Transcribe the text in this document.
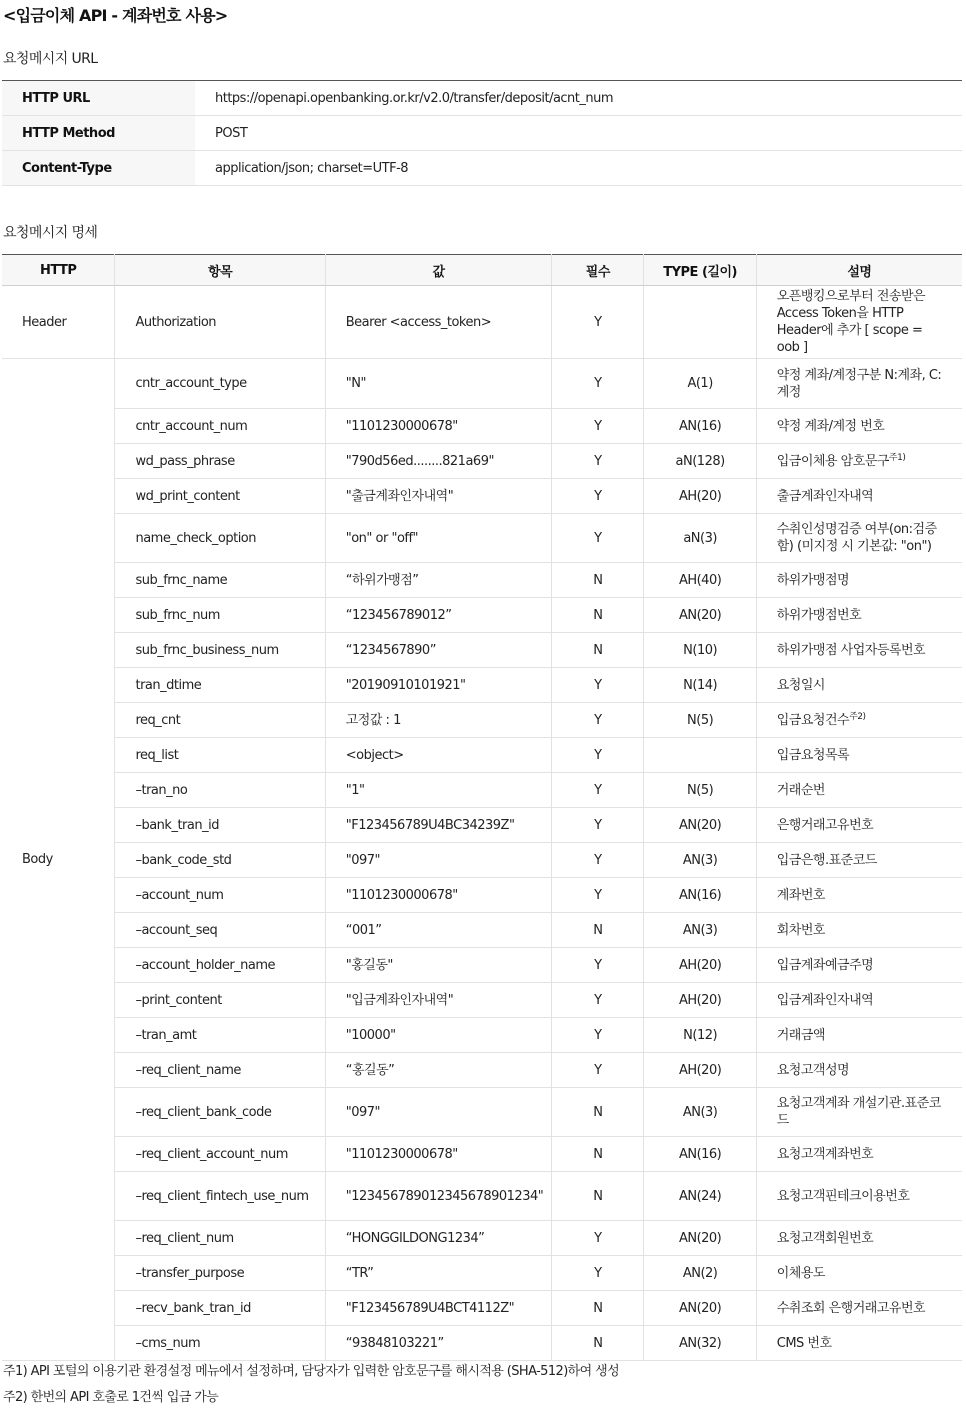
<입금이체 API - 계좌번호 사용>
요청메시지 URL
HTTP URL	https://openapi.openbanking.or.kr/v2.0/transfer/deposit/acnt_num
HTTP Method	POST
Content-Type	application/json; charset=UTF-8
요청메시지 명세
HTTP	항목	값	필수	TYPE (길이)	설명
Header	Authorization	Bearer <access_token>	Y		오픈뱅킹으로부터 전송받은 Access Token을 HTTP Header에 추가 [ scope = oob ]
Body	cntr_account_type	"N"	Y	A(1)	약정 계좌/계정구분 N:계좌, C:계정
	cntr_account_num	"1101230000678"	Y	AN(16)	약정 계좌/계정 번호
	wd_pass_phrase	"790d56ed........821a69"	Y	aN(128)	입금이체용 암호문구$^{주1)}$
	wd_print_content	"출금계좌인자내역"	Y	AH(20)	출금계좌인자내역
	name_check_option	"on" or "off"	Y	aN(3)	수취인성명검증 여부(on:검증함) (미지정 시 기본값: "on")
	sub_frnc_name	“하위가맹점”	N	AH(40)	하위가맹점명
	sub_frnc_num	“123456789012”	N	AN(20)	하위가맹점번호
	sub_frnc_business_num	“1234567890”	N	N(10)	하위가맹점 사업자등록번호
	tran_dtime	"20190910101921"	Y	N(14)	요청일시
	req_cnt	고정값 : 1	Y	N(5)	입금요청건수$^{주2)}$
	req_list	<object>	Y		입금요청목록
	–tran_no	"1"	Y	N(5)	거래순번
	–bank_tran_id	"F123456789U4BC34239Z"	Y	AN(20)	은행거래고유번호
	–bank_code_std	"097"	Y	AN(3)	입금은행.표준코드
	–account_num	"1101230000678"	Y	AN(16)	계좌번호
	–account_seq	“001”	N	AN(3)	회차번호
	–account_holder_name	"홍길동"	Y	AH(20)	입금계좌예금주명
	–print_content	"입금계좌인자내역"	Y	AH(20)	입금계좌인자내역
	–tran_amt	"10000"	Y	N(12)	거래금액
	–req_client_name	“홍길동”	Y	AH(20)	요청고객성명
	–req_client_bank_code	"097"	N	AN(3)	요청고객계좌 개설기관.표준코드
	–req_client_account_num	"1101230000678"	N	AN(16)	요청고객계좌번호
	–req_client_fintech_use_num	"123456789012345678901234"	N	AN(24)	요청고객핀테크이용번호
	–req_client_num	“HONGGILDONG1234”	Y	AN(20)	요청고객회원번호
	–transfer_purpose	“TR”	Y	AN(2)	이체용도
	–recv_bank_tran_id	"F123456789U4BCT4112Z"	N	AN(20)	수취조회 은행거래고유번호
	–cms_num	“93848103221”	N	AN(32)	CMS 번호
주1) API 포털의 이용기관 환경설정 메뉴에서 설정하며, 담당자가 입력한 암호문구를 해시적용 (SHA-512)하여 생성
주2) 한번의 API 호출로 1건씩 입금 가능
